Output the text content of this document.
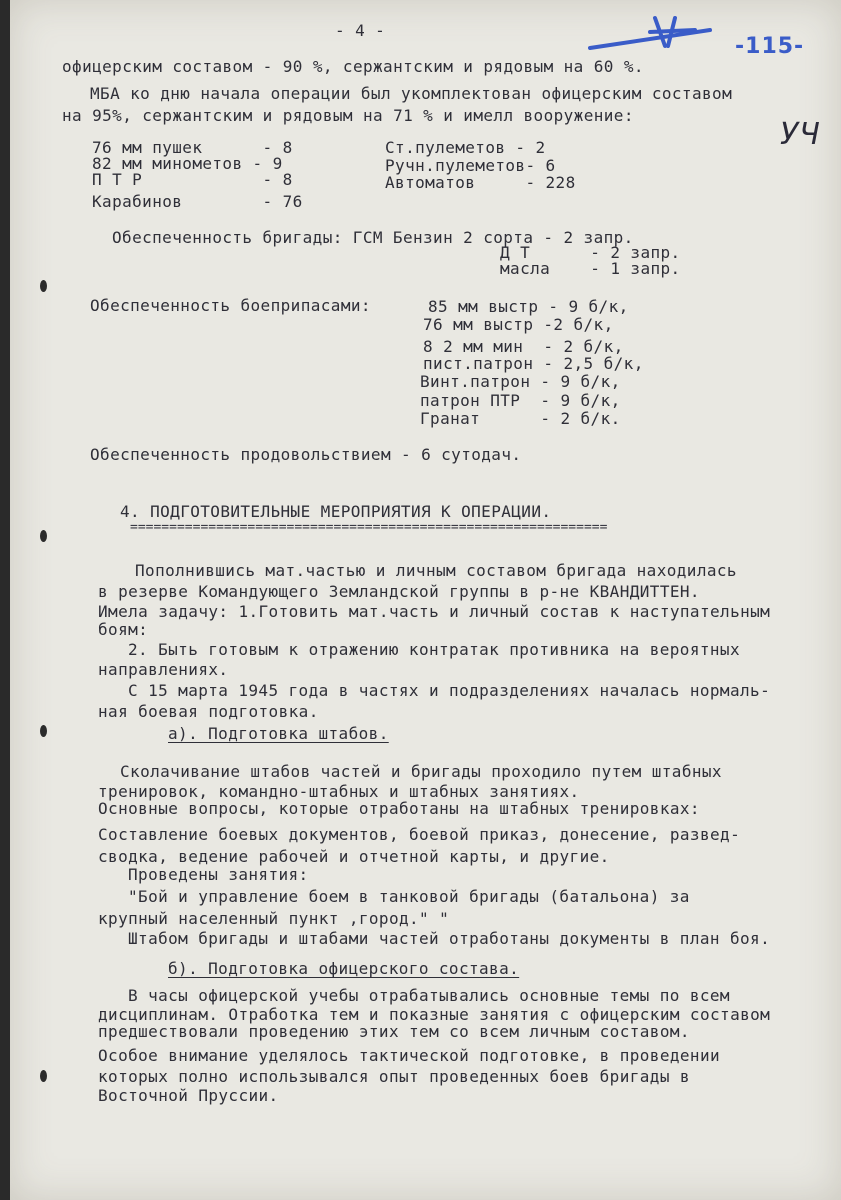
- 4 -
-115-
УЧ
офицерским составом - 90 %, сержантским и рядовым на 60 %.
МБА ко дню начала операции был укомплектован офицерским составом
на 95%, сержантским и рядовым на 71 % и имелл вооружение:
76 мм пушек      - 8	Ст.пулеметов - 2
82 мм минометов - 9	Ручн.пулеметов- 6
П Т Р            - 8	Автоматов     - 228
Карабинов        - 76
Обеспеченность бригады: ГСМ Бензин 2 сорта - 2 запр.
Д Т      - 2 запр.
масла    - 1 запр.
Обеспеченность боеприпасами:	85 мм выстр - 9 б/к,
76 мм выстр -2 б/к,
8 2 мм мин  - 2 б/к,
пист.патрон - 2,5 б/к,
Винт.патрон - 9 б/к,
патрон ПТР  - 9 б/к,
Гранат      - 2 б/к.
Обеспеченность продовольствием - 6 сутодач.
4. ПОДГОТОВИТЕЛЬНЫЕ МЕРОПРИЯТИЯ К ОПЕРАЦИИ.
=============================================================
Пополнившись мат.частью и личным составом бригада находилась
в резерве Командующего Земландской группы в р-не КВАНДИТТЕН.
Имела задачу: 1.Готовить мат.часть и личный состав к наступательным
боям:
2. Быть готовым к отражению контратак противника на вероятных
направлениях.
С 15 марта 1945 года в частях и подразделениях началась нормаль-
ная боевая подготовка.
а). Подготовка штабов.
Сколачивание штабов частей и бригады проходило путем штабных
тренировок, командно-штабных и штабных занятиях.
Основные вопросы, которые отработаны на штабных тренировках:
Составление боевых документов, боевой приказ, донесение, развед-
сводка, ведение рабочей и отчетной карты, и другие.
Проведены занятия:
"Бой и управление боем в танковой бригады (батальона) за
крупный населенный пункт ,город." "
Штабом бригады и штабами частей отработаны документы в план боя.
б). Подготовка офицерского состава.
В часы офицерской учебы отрабатывались основные темы по всем
дисциплинам. Отработка тем и показные занятия с офицерским составом
предшествовали проведению этих тем со всем личным составом.
Особое внимание уделялось тактической подготовке, в проведении
которых полно использывался опыт проведенных боев бригады в
Восточной Пруссии.
